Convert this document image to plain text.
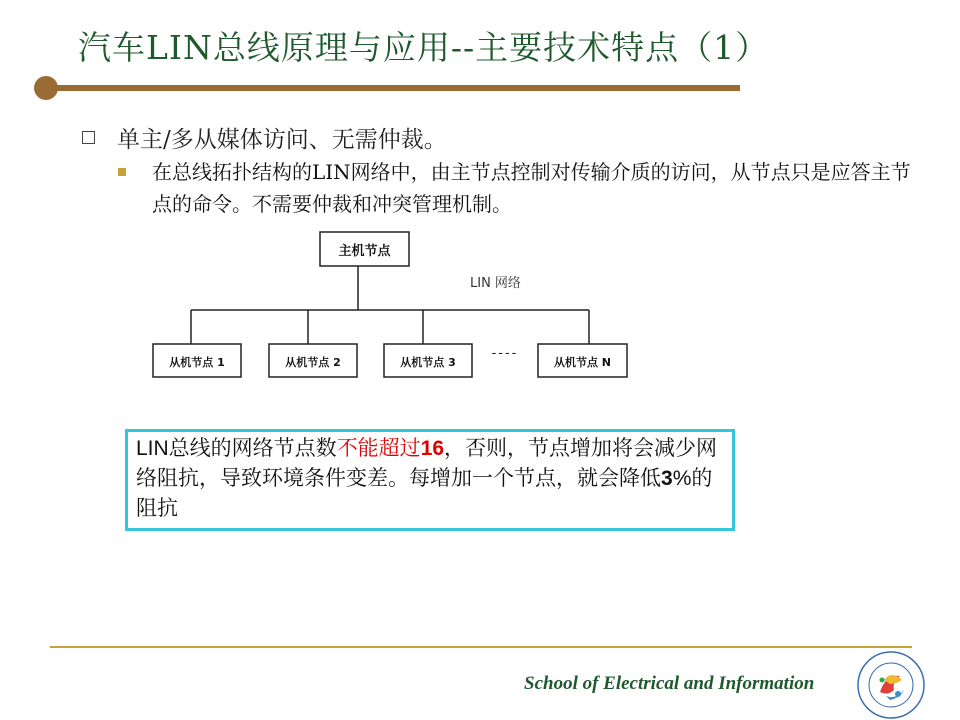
汽车LIN总线原理与应用--主要技术特点（1）
单主/多从媒体访问、无需仲裁。
在总线拓扑结构的LIN网络中，由主节点控制对传输介质的访问，从节点只是应答主节点的命令。不需要仲裁和冲突管理机制。
主机节点
LIN 网络
从机节点 1	从机节点 2	从机节点 3
----
从机节点 N
LIN总线的网络节点数不能超过16，否则，节点增加将会减少网络阻抗，导致环境条件变差。每增加一个节点，就会降低3%的阻抗
School of Electrical and Information
